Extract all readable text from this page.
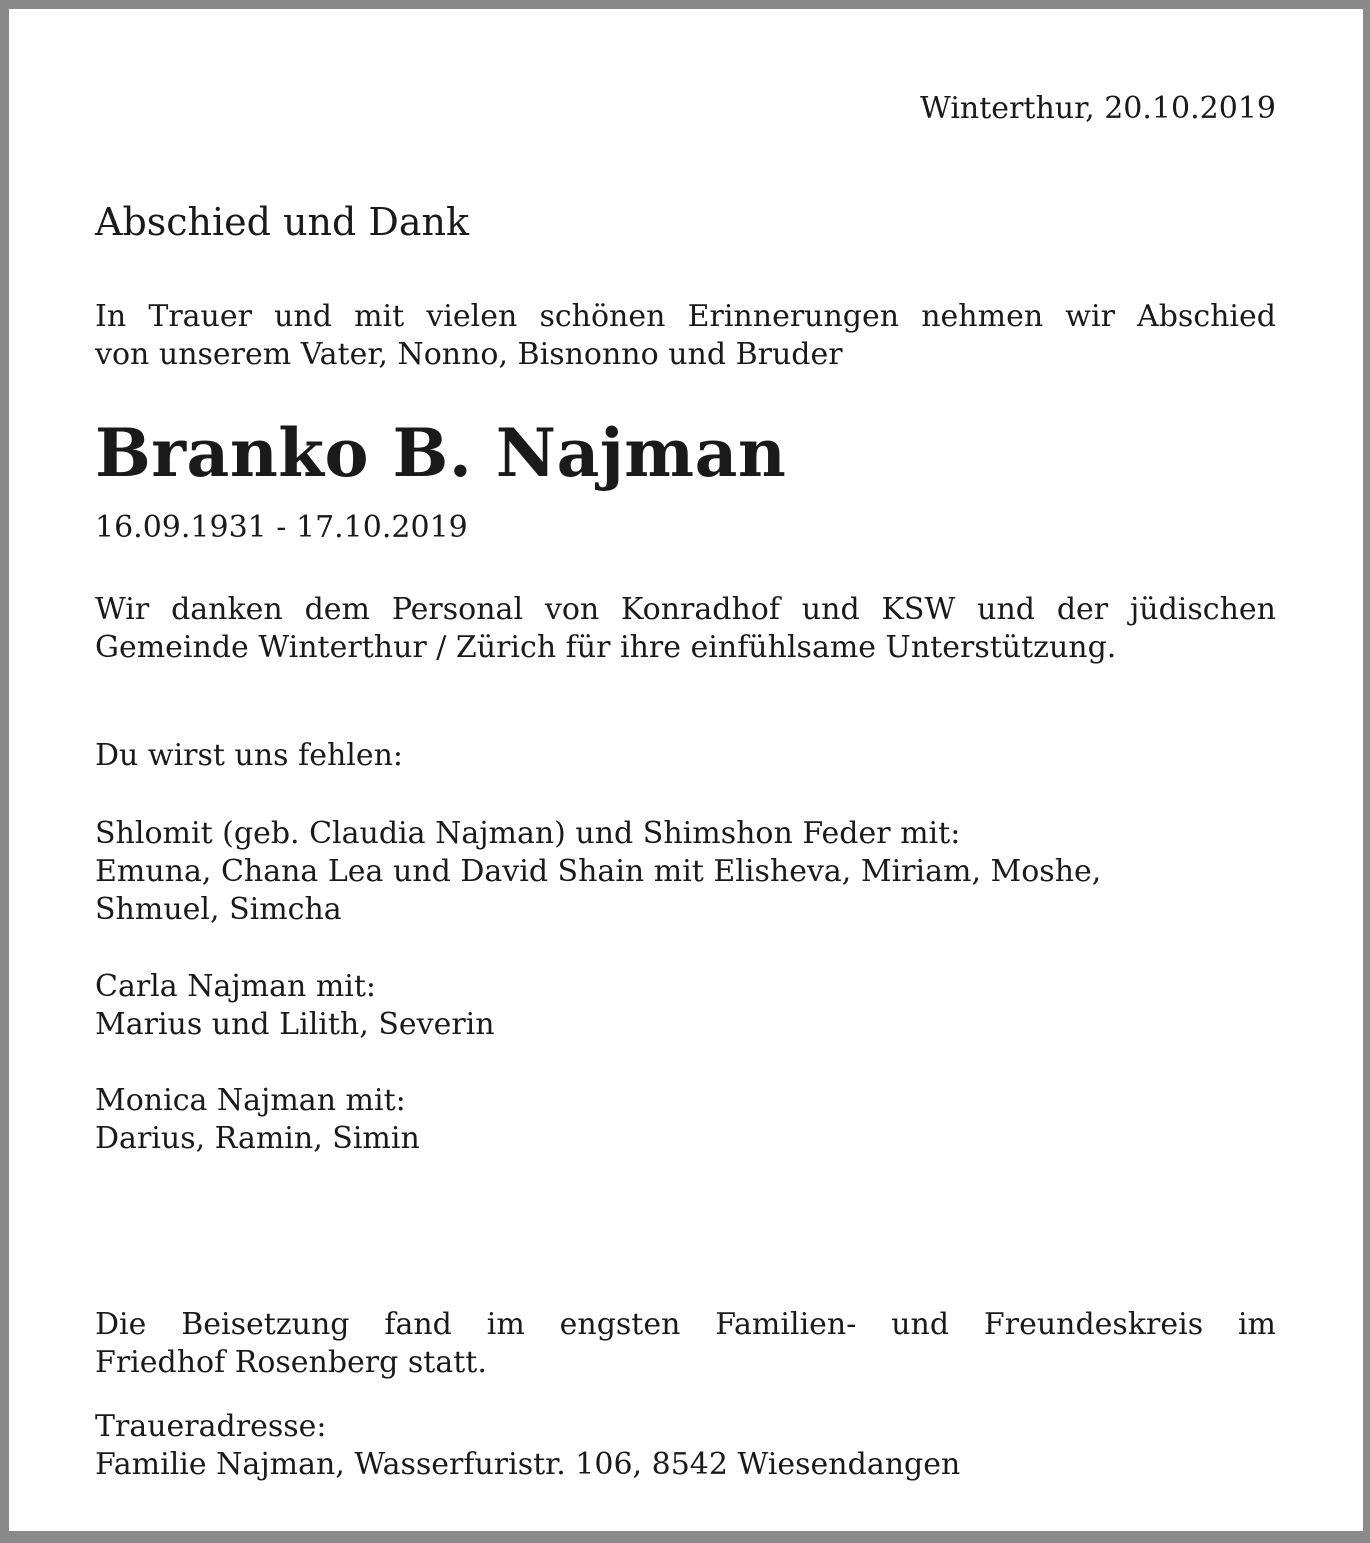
Winterthur, 20.10.2019
Abschied und Dank

In Trauer und mit vielen schönen Erinnerungen nehmen wir Abschied

von unserem Vater, Nonno, Bisnonno und Bruder

Branko B. Najman

16.09.1931 - 17.10.2019

Wir danken dem Personal von Konradhof und KSW und der jüdischen

Gemeinde Winterthur / Zürich für ihre einfühlsame Unterstützung.

Du wirst uns fehlen:

Shlomit (geb. Claudia Najman) und Shimshon Feder mit:

Emuna, Chana Lea und David Shain mit Elisheva, Miriam, Moshe,

Shmuel, Simcha

Carla Najman mit:

Marius und Lilith, Severin

Monica Najman mit:

Darius, Ramin, Simin

Die Beisetzung fand im engsten Familien- und Freundeskreis im

Friedhof Rosenberg statt.

Traueradresse:

Familie Najman, Wasserfuristr. 106, 8542 Wiesendangen
